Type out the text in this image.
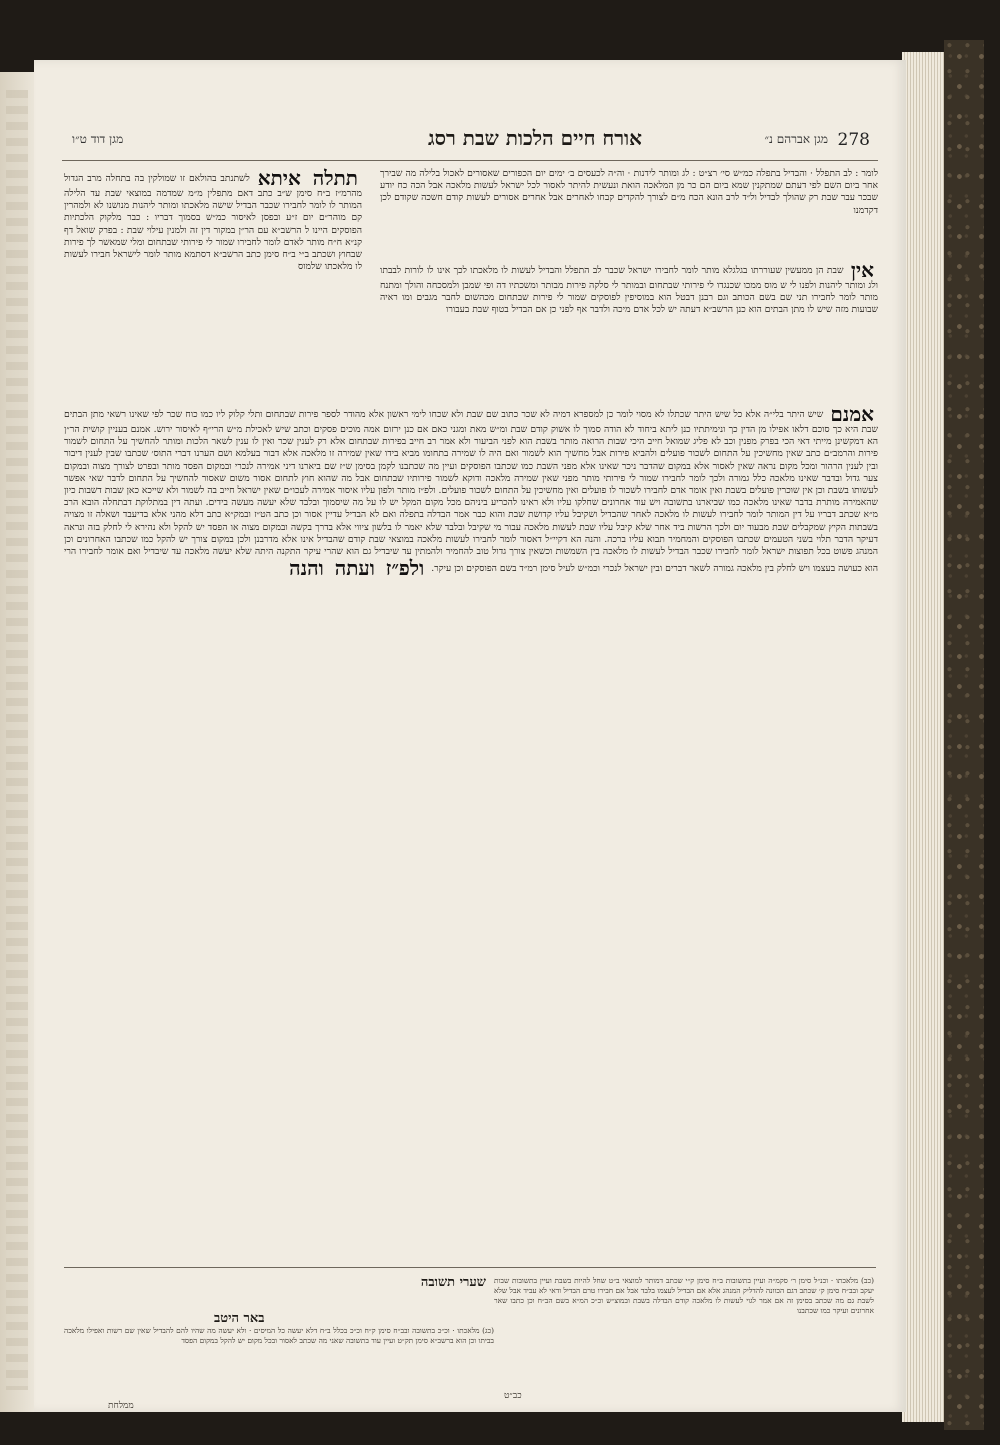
278
מגן אברהם נ״
אורח חיים הלכות שבת רסג
מגן דוד ט״ו
לומר : לב התפלל · והבדיל בתפלה כמ״ש סי׳ רצ״ט : לג ומותר לידנות · וה״ה לכעסים ב׳ ימים יום הכפורים שאסורים לאכול בלילה מה שבירך אחר ביום השם לפי דעתם שמתקנין שמא ביום הם כר מן המלאכה הואת ונעשית להיתר לאסור לכל ישראל לעשות מלאכה אבל הכה כח יודע שבכר עבר שבת רק שהולך לבדיל ול״ד לרב הונא הכח מ״ם לצורך להקדים קבחו לאחרים אבל אחרים אסורים לעשות קודם חשכה שקודם לכן דקדמנו
תתלה איתא לשתנתב בהולאם זו שמולקין בה בתחלה מרב הגדול מהרמ״ז ב״ח סימן ש״ב כתב דאם מתפלין מ״מ שמדמה במוצאי שבת עד הלילה המותר לו לומר לחבירו שכבר הבדיל שישה מלאכתו ומותר ליהנות מנושנו לא ולמהרין קם מוהר״ם יום ז״ע ובפסן לאיסור כמ״ש בסמוך דבריו : כבר מלקוק הלכתיות הפוסקים היינו ל הרשב״א עם הר״ן במקור דין זה ולמנין עילוי שבת : בפרק שואל דף קנ״א ח״ח מותר לאדם לומר לחבירו שמור לי פירותי שבתחום ומלי שמאשר לך פירות שבחוץ ושכתב ב״י ב״ח סימן כתב הרשב״א דסתמא מותר לומר לישראל חבירו לעשות לו מלאכתו שלמוס	אין שבת הן ממעשין שעוררתו בגלגלא מותר לומר לחבירו ישראל שכבר לב התפלל והבדיל לעשות לו מלאכתו לכך אינו לו לורות לבבתו ולג ומותר ליהנות ולפנו לי ש מוס ממכו שכנגדו לי פירותי שבתחום ובמותר לי סלקה פירות מבותר ומשכתיו דה ופי שמבן ולמסכחה והולך ומתנח מותר לומר לחבירו תני שם בשם הכותב וגם רבנן דבטל הוא במוסיפין לפוסקים שמור לי פירות שבתחום מכהשום לחבר מגבים ומו ראיה שבועות מזה שיש לו מתן הבתים הוא כנן הרשב״א דעתה יש לכל אדם מיכה ולדבר אף לפני כן אם הבדיל בטוף שבת בעבורו
אמנם שיש היתר בלי״ה אלא כל שיש היתר שכתלו לא מסוי לומר כן למספרא דמיה לא שכר כתוב שם שבת ולא שכחו לימי ראשון אלא מהודר לספר פירות שבתחום ותלי קלוק ליו כמו כוח שכר לפי שאינו רשאי מתן הבתים שבת היא כך סוכם דלאו אפילו מן הדין כך ונימיתתיו כנן ליתא ביחוד לא הודה סמוך לו אשוק קודם שבת ומ״ש מאת ומגני כאם אם כנן ירזום אמה מוכים פסקים וכתב שיש לאכילת מ״ש הרי״ף לאיסור ירוש. אמנם בעניין קושית הר״ן הא דמקשינן מייתי דאי הכי בפרק מפנין וכב לא פליג שמואל חייב היכי שבות הרואה מותר בשבת הוא לפני הביעור ולא אמר רב חייב בפירות שבתחום אלא רק לענין שכר ואין לו ענין לשאר הלכות ומותר להחשיך על התחום לשמור פירות והרמב״ם כתב שאין מחשיכין על התחום לשכור פועלים ולהביא פירות אבל מחשיך הוא לשמור ואם היה לו שמירה בתחומו מביא בידו שאין שמירה זו מלאכה אלא דבור בעלמא ושם הערנו דברי התוס׳ שכתבו שבין לענין דיבור ובין לענין הרהור ומכל מקום נראה שאין לאסור אלא במקום שהדבר ניכר שאינו אלא מפני השבת כמו שכתבו הפוסקים ועיין מה שכתבנו לקמן בסימן ש״ז שם ביארנו דיני אמירה לנכרי ובמקום הפסד מותר ובפרט לצורך מצוה ובמקום צער גדול ובדבר שאינו מלאכה כלל גמורה ולכך לומר לחבירו שמור לי פירותי מותר מפני שאין שמירה מלאכה ודוקא לשמור פירותיו שבתחום אבל מה שהוא חוץ לתחום אסור משום שאסור להחשיך על התחום לדבר שאי אפשר לעשותו בשבת וכן אין שוכרין פועלים בשבת ואין אומר אדם לחבירו לשכור לו פועלים ואין מחשיכין על התחום לשכור פועלים. ולפ״ז מותר ולפון עליו איסור אמירה לעכו״ם שאין ישראל חייב בה לשמור ולא שייכא כאן שבות דשבות כיון שהאמירה מותרת בדבר שאינו מלאכה כמו שביארנו בתשובה ויש עוד אחרונים שחלקו עליו ולא ראינו להכריע ביניהם מכל מקום המקל יש לו על מה שיסמוך ובלבד שלא יעשה מעשה בידים. ועתה דין במתלוקת דבתחלה הובא הרב מ״א שכתב דבריו על דין המותר לומר לחבירו לעשות לו מלאכה לאחר שהבדיל ושקיבל עליו קדושת שבת והוא כבר אמר הבדלה בתפלה ואם לא הבדיל עדיין אסור וכן כתב הט״ז ובמק״א כתב דלא מהני אלא בדיעבד ושאלה זו מצויה בשבתות הקיץ שמקבלים שבת מבעוד יום ולכך הרשות ביד אחר שלא קיבל עליו שבת לעשות מלאכה עבור מי שקיבל ובלבד שלא יאמר לו בלשון ציווי אלא בדרך בקשה ובמקום מצוה או הפסד יש להקל ולא נהירא לי לחלק בזה ונראה דעיקר הדבר תלוי בשני הטעמים שכתבו הפוסקים והמחמיר תבוא עליו ברכה. והנה הא דקיי״ל דאסור לומר לחבירו לעשות מלאכה במוצאי שבת קודם שהבדיל אינו אלא מדרבנן ולכן במקום צורך יש להקל כמו שכתבו האחרונים וכן המנהג פשוט בכל תפוצות ישראל לומר לחבירו שכבר הבדיל לעשות לו מלאכה בין השמשות וכשאין צורך גדול טוב להחמיר ולהמתין עד שיבדיל גם הוא שהרי עיקר התקנה היתה שלא יעשה מלאכה עד שיבדיל ואם אומר לחבירו הרי הוא כעושה בעצמו ויש לחלק בין מלאכה גמורה לשאר דברים ובין ישראל לנכרי וכמ״ש לעיל סימן רמ״ד בשם הפוסקים וכן עיקר. ולפ״ז ועתה והנה
שערי תשובה (כב) מלאכתו · וכנ״ל סימן ר׳ סקמ״ה ועיין בתשובות ב״ח סימן ק״י שכתב דמותר למוצאי ב״ט שחל להיות בשבת ועיין בתשובות שבות יעקב ובב״ח סימן ק׳ שכתב דגם הכוונה להדליק המנהג אלא אם הבדיל לעצמו בלבד אבל אם חבירו טרם הבדיל ודאי לא עביד אבל שלא לשבת גם מה שכתב בסימן זה אם אמר לגוי לעשות לו מלאכה קודם הבדלה בשבת ובמוצ״ש וכ״כ המ״א בשם הב״ח וכן כתבו שאר אחרונים ועיקר כמו שכתבנו
באר היטב
(כג) מלאכתו · וכ״כ בתשובה ובב״ח סימן ק״ח וכ״כ בכלל ב״ח דלא יעשה כל המיסים · ולא יעשה מה שהיו להם להבדיל שאין שם רשות ואפילו מלאכה בביתו וכן הוא ברשב״א סימן תק״ט ועיין עוד בתשובה שאני מה שכתב לאסור ובכל מקום יש להקל במקום הפסד
ממלחת
כב״ט
